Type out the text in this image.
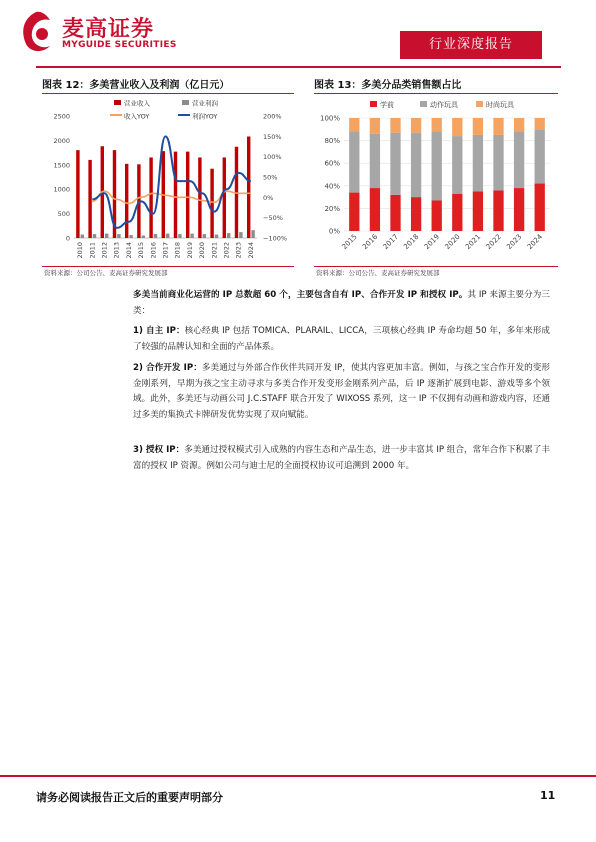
麦高证券
MYGUIDE SECURITIES	行业深度报告
图表 12：多美营业收入及利润（亿日元）
营业收入	营业利润
收入YOY	利润YOY
0
500
1000
1500
2000
2500
−100%
−50%
0%
50%
100%
150%
200%
2010 2011 2012 2013 2014 2015 2016 2017 2018 2019 2020 2021 2022 2023 2024
资料来源：公司公告、麦高证券研究发展部
图表 13：多美分品类销售额占比
学前	动作玩具	时尚玩具
0%
20%
40%
60%
80%
100%
2015 2016 2017 2018 2019 2020 2021 2022 2023 2024
资料来源：公司公告、麦高证券研究发展部
多美当前商业化运营的 IP 总数超 60 个，主要包含自有 IP、合作开发 IP 和授权 IP。其 IP 来源主要分为三类：
1) 自主 IP：核心经典 IP 包括 TOMICA、PLARAIL、LICCA，三项核心经典 IP 寿命均超 50 年，多年来形成了较强的品牌认知和全面的产品体系。
2) 合作开发 IP：多美通过与外部合作伙伴共同开发 IP，使其内容更加丰富。例如，与孩之宝合作开发的变形金刚系列，早期为孩之宝主动寻求与多美合作开发变形金刚系列产品，后 IP 逐渐扩展到电影、游戏等多个领域。此外，多美还与动画公司 J.C.STAFF 联合开发了 WIXOSS 系列，这一 IP 不仅拥有动画和游戏内容，还通过多美的集换式卡牌研发优势实现了双向赋能。
3) 授权 IP：多美通过授权模式引入成熟的内容生态和产品生态，进一步丰富其 IP 组合，常年合作下积累了丰富的授权 IP 资源。例如公司与迪士尼的全面授权协议可追溯到 2000 年。
请务必阅读报告正文后的重要声明部分	11
